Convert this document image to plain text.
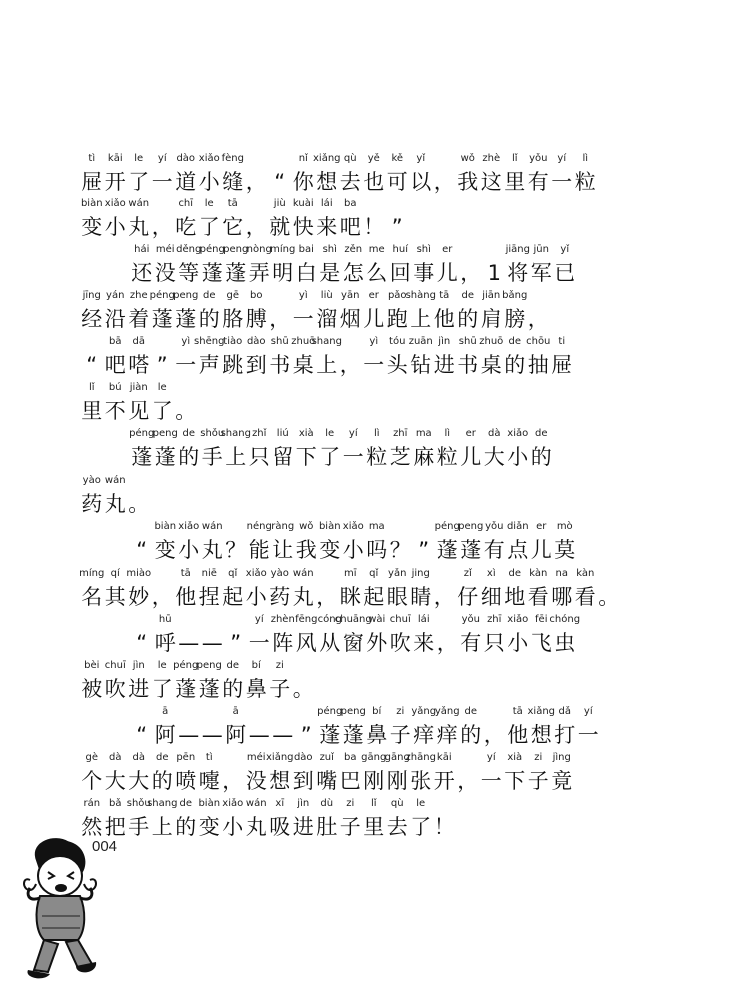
tì kāi le yí dào xiǎo fèng	nǐ xiǎng qù yě kě yǐ	wǒ zhè lǐ yǒu yí lì
屉 开 了 一 道 小 缝 ， “ 你 想 去 也 可 以 ， 我 这 里 有 一 粒
biàn xiǎo wán	chī le tā	jiù kuài lái ba
变 小 丸 ， 吃 了 它 ， 就 快 来 吧 ！ ”
hái méi děng
péng
peng
nòng
míng bai shì zěn me huí shì er	jiāng jūn yǐ
还 没 等 蓬 蓬 弄 明 白 是 怎 么 回 事 儿 ， 1 将 军 已
jīng yán zhe péng
peng de gē bo	yì liù yān er pǎo shàng tā de jiān bǎng
经 沿 着 蓬 蓬 的 胳 膊 ， 一 溜 烟 儿 跑 上 他 的 肩 膀 ，
bā dā	yì shēng
tiào dào shū zhuō
shang	yì tóu zuān jìn shū zhuō de chōu ti
“ 吧 嗒 ” 一 声 跳 到 书 桌 上 ， 一 头 钻 进 书 桌 的 抽 屉
lǐ bú jiàn le
里 不 见 了 。
péng
peng de shǒu
shang zhǐ liú xià le yí lì zhī ma lì er dà xiǎo de
蓬 蓬 的 手 上 只 留 下 了 一 粒 芝 麻 粒 儿 大 小 的
yào wán
药 丸 。
biàn xiǎo wán néng ràng wǒ biàn xiǎo ma	péng
peng yǒu diǎn er mò
“ 变 小 丸 ？ 能 让 我 变 小 吗 ？ ” 蓬 蓬 有 点 儿 莫
míng qí miào	tā niē qǐ xiǎo yào wán	mī qǐ yǎn jing	zǐ xì de kàn na kàn
名 其 妙 ， 他 捏 起 小 药 丸 ， 眯 起 眼 睛 ， 仔 细 地 看 哪 看 。
hū	yí zhèn fēng cóng
chuāng
wài chuī lái	yǒu zhī xiǎo fēi chóng
“ 呼 — — ” 一 阵 风 从 窗 外 吹 来 ， 有 只 小 飞 虫
bèi chuī jìn le péng
peng de bí zi
被 吹 进 了 蓬 蓬 的 鼻 子 。
ā	ā	péng
peng bí zi yǎng
yǎng de	tā xiǎng dǎ yí
“ 阿 — — 阿 — — ” 蓬 蓬 鼻 子 痒 痒 的 ， 他 想 打 一
gè dà dà de pēn tì	méi xiǎng dào zuǐ ba gāng
gāng
zhāng kāi	yí xià zi jìng
个 大 大 的 喷 嚏 ， 没 想 到 嘴 巴 刚 刚 张 开 ， 一 下 子 竟
rán bǎ shǒu
shang de biàn xiǎo wán xī jìn dù zi lǐ qù le
然 把 手 上 的 变 小 丸 吸 进 肚 子 里 去 了 ！
004
